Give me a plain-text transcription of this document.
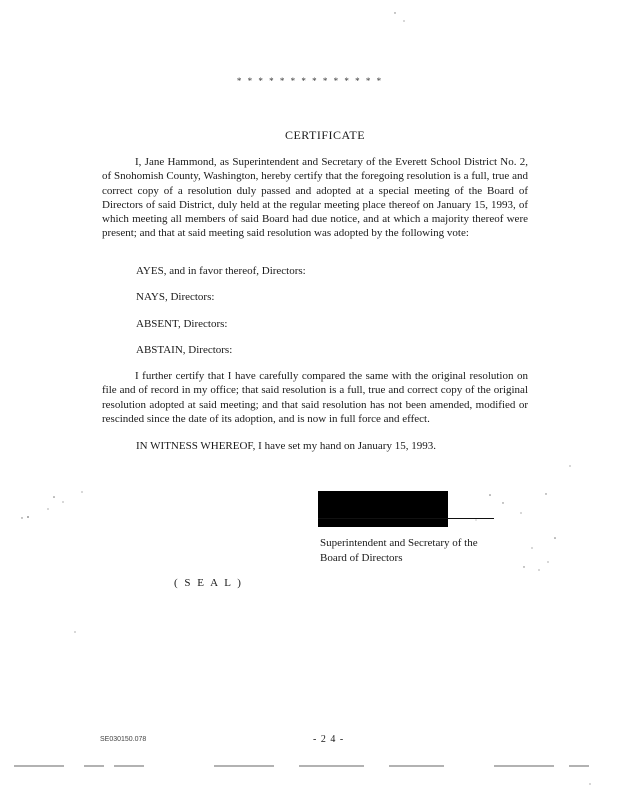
* * * * * * * * * * * * * *
CERTIFICATE

I, Jane Hammond, as Superintendent and Secretary of the Everett School District No. 2, of Snohomish County, Washington, hereby certify that the foregoing resolution is a full, true and correct copy of a resolution duly passed and adopted at a special meeting of the Board of Directors of said District, duly held at the regular meeting place thereof on January 15, 1993, of which meeting all members of said Board had due notice, and at which a majority thereof were present; and that at said meeting said resolution was adopted by the following vote:

AYES, and in favor thereof, Directors:

NAYS, Directors:

ABSENT, Directors:

ABSTAIN, Directors:

I further certify that I have carefully compared the same with the original resolution on file and of record in my office; that said resolution is a full, true and correct copy of the original resolution adopted at said meeting; and that said resolution has not been amended, modified or rescinded since the date of its adoption, and is now in full force and effect.

IN WITNESS WHEREOF, I have set my hand on January 15, 1993.

Superintendent and Secretary of the
Board of Directors

( S E A L )
SE030150.078	- 2 4 -
